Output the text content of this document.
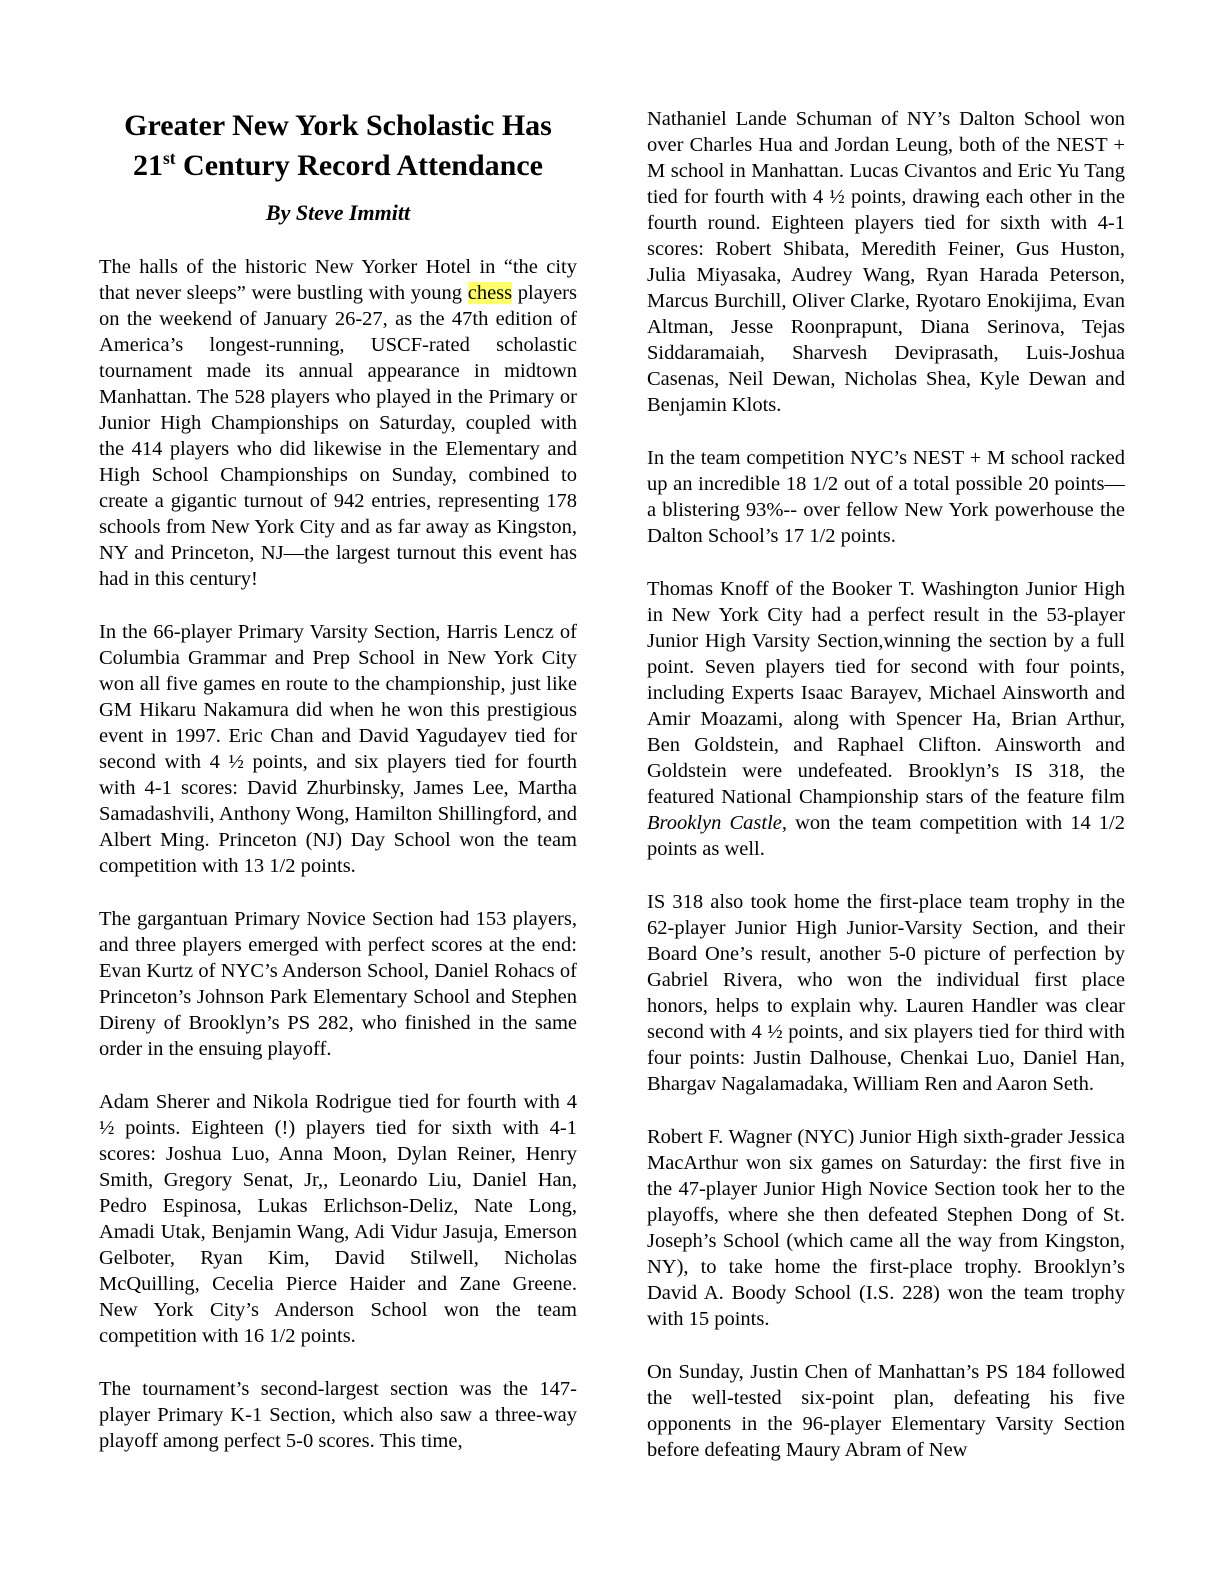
Greater New York Scholastic Has
21st Century Record Attendance

By Steve Immitt

The halls of the historic New Yorker Hotel in “the city that never sleeps” were bustling with young chess players on the weekend of January 26-27, as the 47th edition of America’s longest-running, USCF-rated scholastic tournament made its annual appearance in midtown Manhattan. The 528 players who played in the Primary or Junior High Championships on Saturday, coupled with the 414 players who did likewise in the Elementary and High School Championships on Sunday, combined to create a gigantic turnout of 942 entries, representing 178 schools from New York City and as far away as Kingston, NY and Princeton, NJ—the largest turnout this event has had in this century!

In the 66-player Primary Varsity Section, Harris Lencz of Columbia Grammar and Prep School in New York City won all five games en route to the championship, just like GM Hikaru Nakamura did when he won this prestigious event in 1997. Eric Chan and David Yagudayev tied for second with 4 ½ points, and six players tied for fourth with 4-1 scores: David Zhurbinsky, James Lee, Martha Samadashvili, Anthony Wong, Hamilton Shillingford, and Albert Ming. Princeton (NJ) Day School won the team competition with 13 1/2 points.

The gargantuan Primary Novice Section had 153 players, and three players emerged with perfect scores at the end: Evan Kurtz of NYC’s Anderson School, Daniel Rohacs of Princeton’s Johnson Park Elementary School and Stephen Direny of Brooklyn’s PS 282, who finished in the same order in the ensuing playoff.

Adam Sherer and Nikola Rodrigue tied for fourth with 4 ½ points. Eighteen (!) players tied for sixth with 4-1 scores: Joshua Luo, Anna Moon, Dylan Reiner, Henry Smith, Gregory Senat, Jr,, Leonardo Liu, Daniel Han, Pedro Espinosa, Lukas Erlichson-Deliz, Nate Long, Amadi Utak, Benjamin Wang, Adi Vidur Jasuja, Emerson Gelboter, Ryan Kim, David Stilwell, Nicholas McQuilling, Cecelia Pierce Haider and Zane Greene. New York City’s Anderson School won the team competition with 16 1/2 points.

The tournament’s second-largest section was the 147-player Primary K-1 Section, which also saw a three-way playoff among perfect 5-0 scores. This time,

Nathaniel Lande Schuman of NY’s Dalton School won over Charles Hua and Jordan Leung, both of the NEST + M school in Manhattan. Lucas Civantos and Eric Yu Tang tied for fourth with 4 ½ points, drawing each other in the fourth round. Eighteen players tied for sixth with 4-1 scores: Robert Shibata, Meredith Feiner, Gus Huston, Julia Miyasaka, Audrey Wang, Ryan Harada Peterson, Marcus Burchill, Oliver Clarke, Ryotaro Enokijima, Evan Altman, Jesse Roonprapunt, Diana Serinova, Tejas Siddaramaiah, Sharvesh Deviprasath, Luis-Joshua Casenas, Neil Dewan, Nicholas Shea, Kyle Dewan and Benjamin Klots.

In the team competition NYC’s NEST + M school racked up an incredible 18 1/2 out of a total possible 20 points— a blistering 93%-- over fellow New York powerhouse the Dalton School’s 17 1/2 points.

Thomas Knoff of the Booker T. Washington Junior High in New York City had a perfect result in the 53-player Junior High Varsity Section,winning the section by a full point. Seven players tied for second with four points, including Experts Isaac Barayev, Michael Ainsworth and Amir Moazami, along with Spencer Ha, Brian Arthur, Ben Goldstein, and Raphael Clifton. Ainsworth and Goldstein were undefeated. Brooklyn’s IS 318, the featured National Championship stars of the feature film Brooklyn Castle, won the team competition with 14 1/2 points as well.

IS 318 also took home the first-place team trophy in the 62-player Junior High Junior-Varsity Section, and their Board One’s result, another 5-0 picture of perfection by Gabriel Rivera, who won the individual first place honors, helps to explain why. Lauren Handler was clear second with 4 ½ points, and six players tied for third with four points: Justin Dalhouse, Chenkai Luo, Daniel Han, Bhargav Nagalamadaka, William Ren and Aaron Seth.

Robert F. Wagner (NYC) Junior High sixth-grader Jessica MacArthur won six games on Saturday: the first five in the 47-player Junior High Novice Section took her to the playoffs, where she then defeated Stephen Dong of St. Joseph’s School (which came all the way from Kingston, NY), to take home the first-place trophy. Brooklyn’s David A. Boody School (I.S. 228) won the team trophy with 15 points.

On Sunday, Justin Chen of Manhattan’s PS 184 followed the well-tested six-point plan, defeating his five opponents in the 96-player Elementary Varsity Section before defeating Maury Abram of New
